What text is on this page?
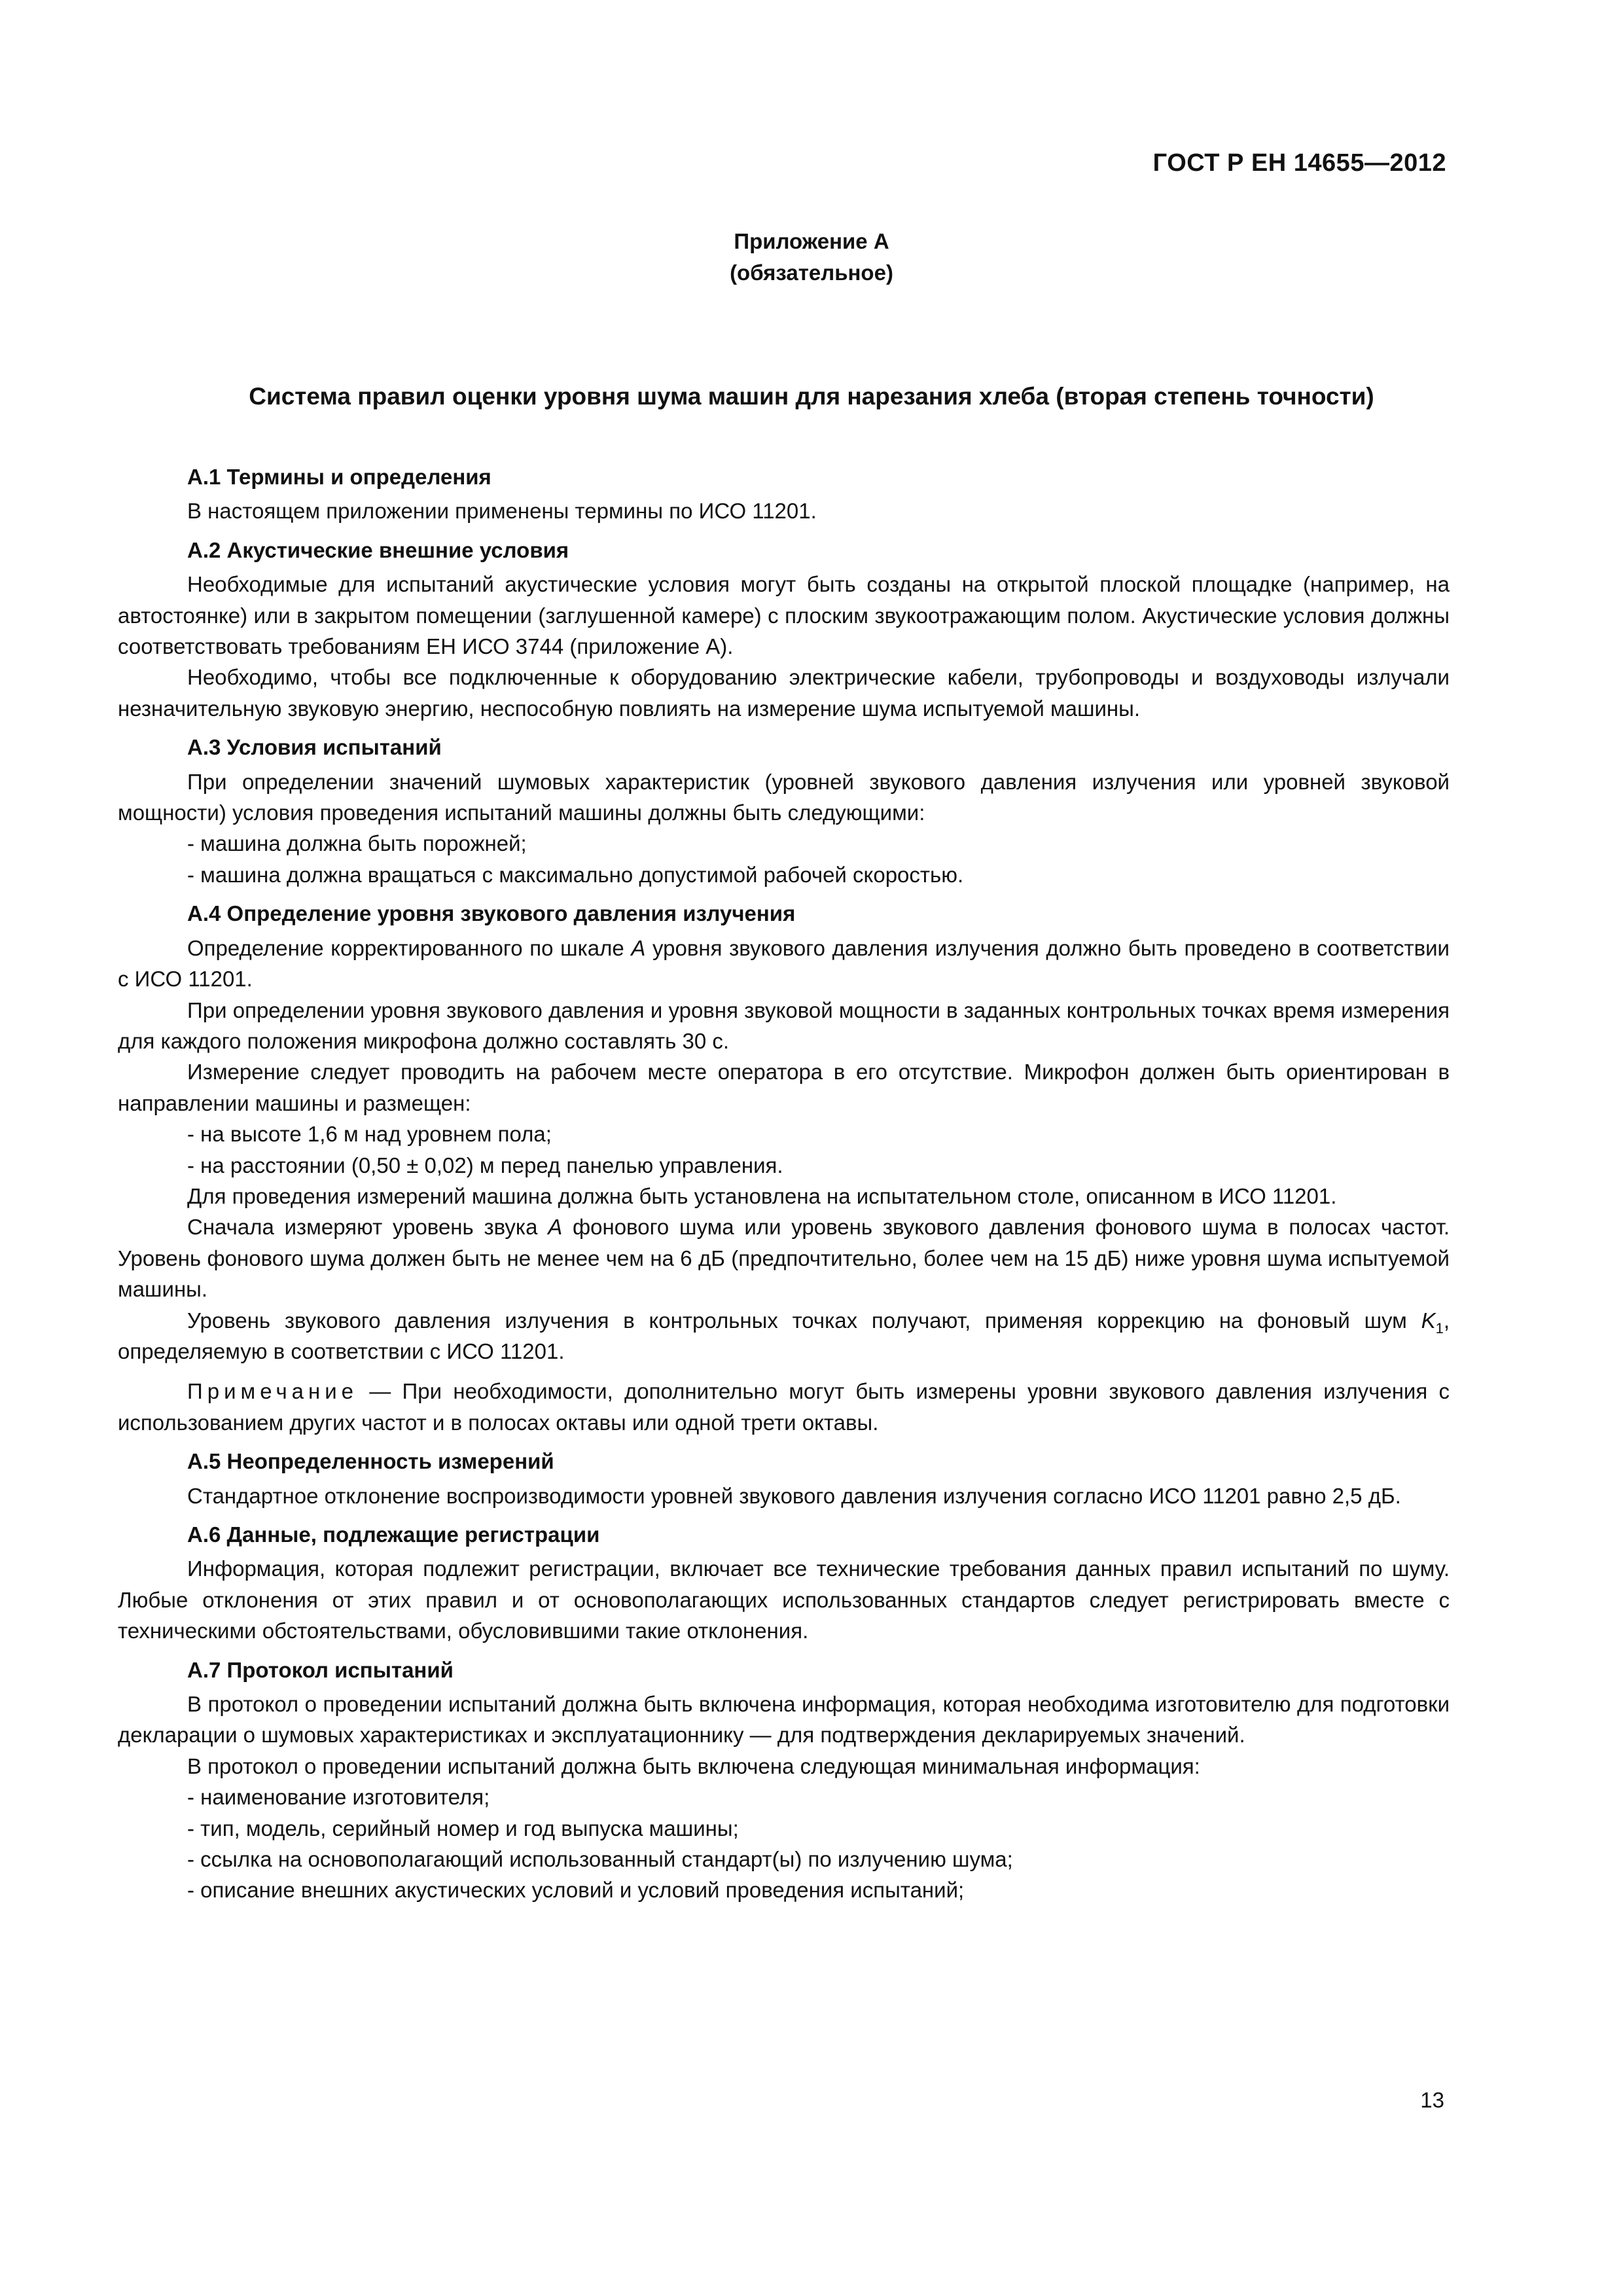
ГОСТ Р ЕН 14655—2012
Приложение А
(обязательное)
Система правил оценки уровня шума машин для нарезания хлеба (вторая степень точности)
А.1 Термины и определения
В настоящем приложении применены термины по ИСО 11201.
А.2 Акустические внешние условия
Необходимые для испытаний акустические условия могут быть созданы на открытой плоской площадке (например, на автостоянке) или в закрытом помещении (заглушенной камере) с плоским звукоотражающим полом. Акустические условия должны соответствовать требованиям ЕН ИСО 3744 (приложение А).
Необходимо, чтобы все подключенные к оборудованию электрические кабели, трубопроводы и воздуховоды излучали незначительную звуковую энергию, неспособную повлиять на измерение шума испытуемой машины.
А.3 Условия испытаний
При определении значений шумовых характеристик (уровней звукового давления излучения или уровней звуковой мощности) условия проведения испытаний машины должны быть следующими:
- машина должна быть порожней;
- машина должна вращаться с максимально допустимой рабочей скоростью.
А.4 Определение уровня звукового давления излучения
Определение корректированного по шкале А уровня звукового давления излучения должно быть проведено в соответствии с ИСО 11201.
При определении уровня звукового давления и уровня звуковой мощности в заданных контрольных точках время измерения для каждого положения микрофона должно составлять 30 с.
Измерение следует проводить на рабочем месте оператора в его отсутствие. Микрофон должен быть ориентирован в направлении машины и размещен:
- на высоте 1,6 м над уровнем пола;
- на расстоянии (0,50 ± 0,02) м перед панелью управления.
Для проведения измерений машина должна быть установлена на испытательном столе, описанном в ИСО 11201.
Сначала измеряют уровень звука А фонового шума или уровень звукового давления фонового шума в полосах частот. Уровень фонового шума должен быть не менее чем на 6 дБ (предпочтительно, более чем на 15 дБ) ниже уровня шума испытуемой машины.
Уровень звукового давления излучения в контрольных точках получают, применяя коррекцию на фоновый шум $K_1$, определяемую в соответствии с ИСО 11201.
Примечание — При необходимости, дополнительно могут быть измерены уровни звукового давления излучения с использованием других частот и в полосах октавы или одной трети октавы.
А.5 Неопределенность измерений
Стандартное отклонение воспроизводимости уровней звукового давления излучения согласно ИСО 11201 равно 2,5 дБ.
А.6 Данные, подлежащие регистрации
Информация, которая подлежит регистрации, включает все технические требования данных правил испытаний по шуму. Любые отклонения от этих правил и от основополагающих использованных стандартов следует регистрировать вместе с техническими обстоятельствами, обусловившими такие отклонения.
А.7 Протокол испытаний
В протокол о проведении испытаний должна быть включена информация, которая необходима изготовителю для подготовки декларации о шумовых характеристиках и эксплуатационнику — для подтверждения декларируемых значений.
В протокол о проведении испытаний должна быть включена следующая минимальная информация:
- наименование изготовителя;
- тип, модель, серийный номер и год выпуска машины;
- ссылка на основополагающий использованный стандарт(ы) по излучению шума;
- описание внешних акустических условий и условий проведения испытаний;
13
